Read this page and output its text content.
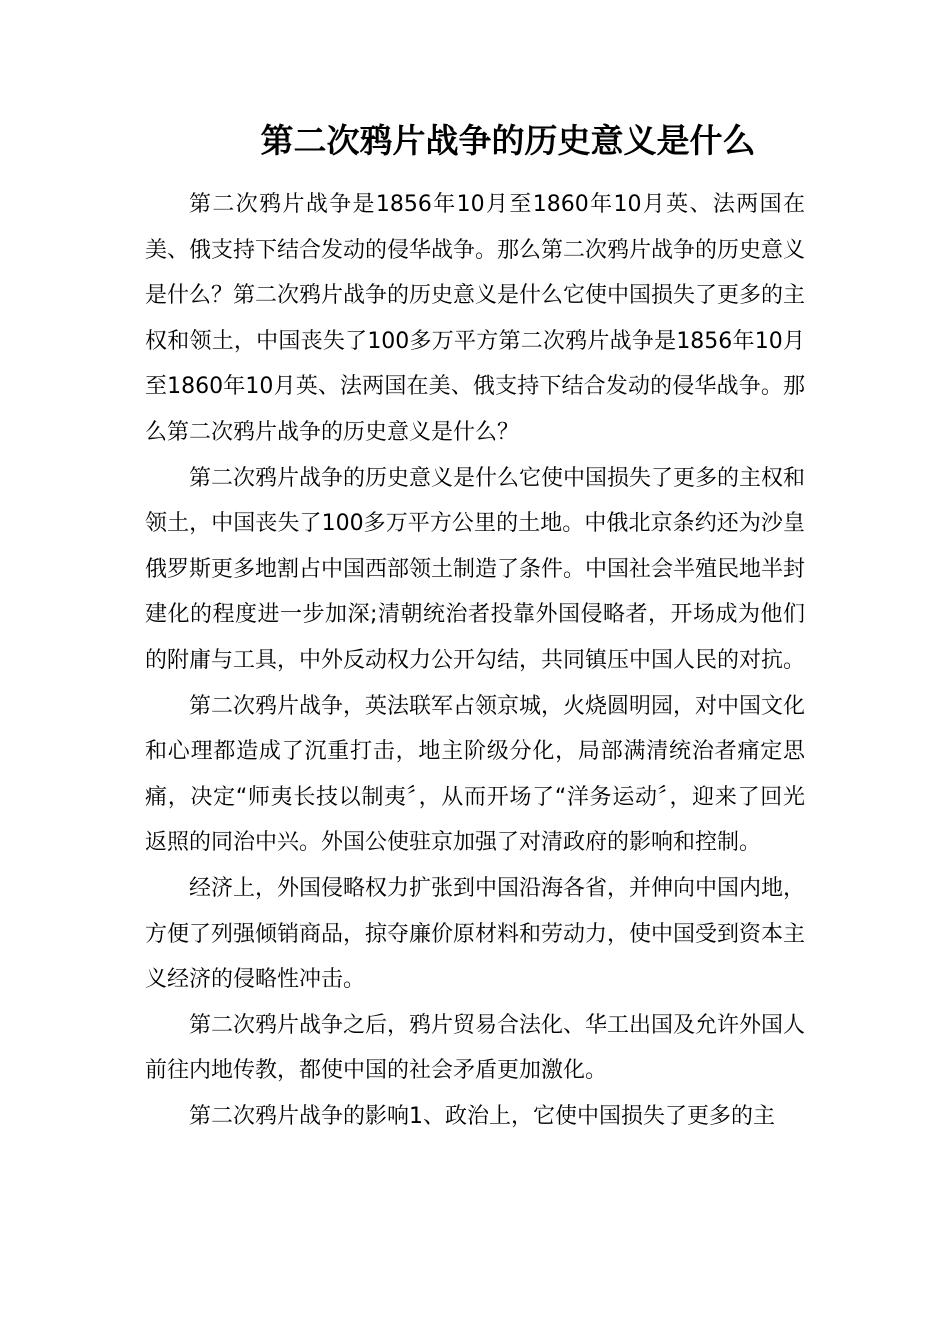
第二次鸦片战争的历史意义是什么

第二次鸦片战争是1856年10月至1860年10月英、法两国在美、俄支持下结合发动的侵华战争。那么第二次鸦片战争的历史意义是什么？第二次鸦片战争的历史意义是什么它使中国损失了更多的主权和领土，中国丧失了100多万平方第二次鸦片战争是1856年10月至1860年10月英、法两国在美、俄支持下结合发动的侵华战争。那么第二次鸦片战争的历史意义是什么？

第二次鸦片战争的历史意义是什么它使中国损失了更多的主权和领土，中国丧失了100多万平方公里的土地。中俄北京条约还为沙皇俄罗斯更多地割占中国西部领土制造了条件。中国社会半殖民地半封建化的程度进一步加深;清朝统治者投靠外国侵略者，开场成为他们的附庸与工具，中外反动权力公开勾结，共同镇压中国人民的对抗。

第二次鸦片战争，英法联军占领京城，火烧圆明园，对中国文化和心理都造成了沉重打击，地主阶级分化，局部满清统治者痛定思痛，决定“师夷长技以制夷〞，从而开场了“洋务运动〞，迎来了回光返照的同治中兴。外国公使驻京加强了对清政府的影响和控制。

经济上，外国侵略权力扩张到中国沿海各省，并伸向中国内地，方便了列强倾销商品，掠夺廉价原材料和劳动力，使中国受到资本主义经济的侵略性冲击。

第二次鸦片战争之后，鸦片贸易合法化、华工出国及允许外国人前往内地传教，都使中国的社会矛盾更加激化。

第二次鸦片战争的影响1、政治上，它使中国损失了更多的主
